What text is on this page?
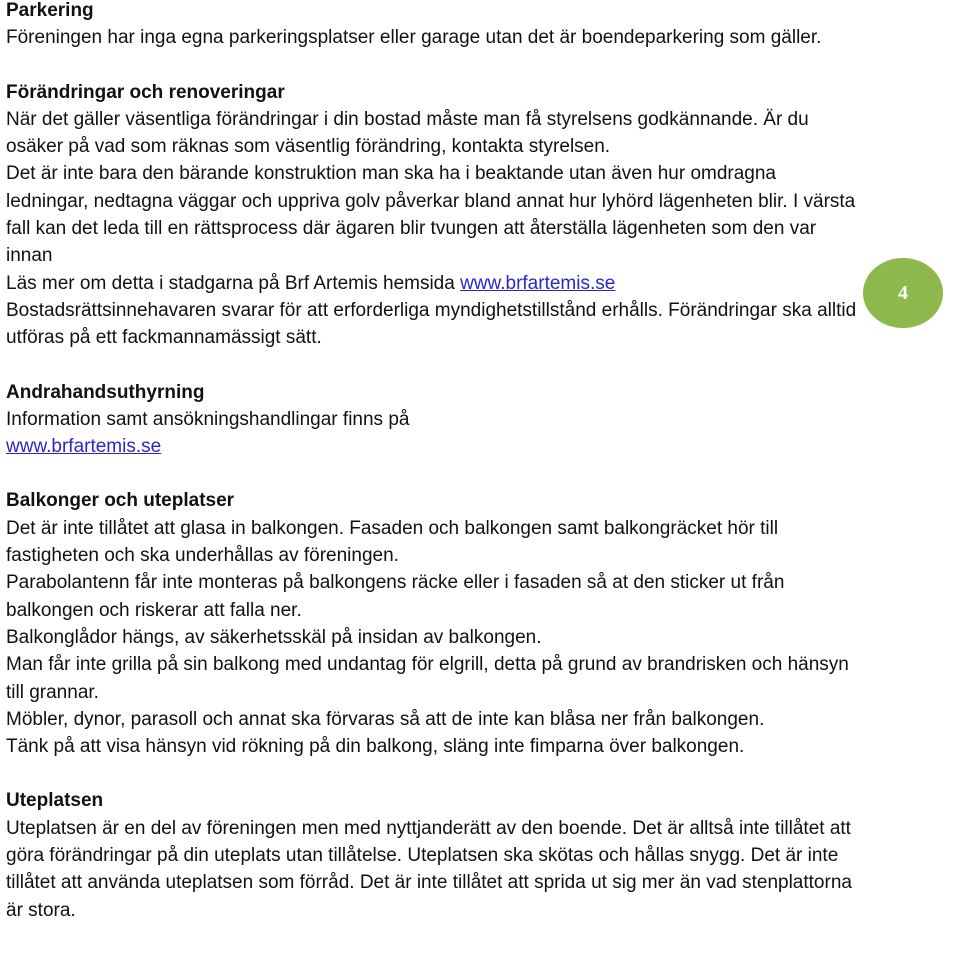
Parkering

Föreningen har inga egna parkeringsplatser eller garage utan det är boendeparkering som gäller.

Förändringar och renoveringar

När det gäller väsentliga förändringar i din bostad måste man få styrelsens godkännande. Är du osäker på vad som räknas som väsentlig förändring, kontakta styrelsen.

Det är inte bara den bärande konstruktion man ska ha i beaktande utan även hur omdragna ledningar, nedtagna väggar och uppriva golv påverkar bland annat hur lyhörd lägenheten blir. I värsta fall kan det leda till en rättsprocess där ägaren blir tvungen att återställa lägenheten som den var innan

Läs mer om detta i stadgarna på Brf Artemis hemsida www.brfartemis.se

Bostadsrättsinnehavaren svarar för att erforderliga myndighetstillstånd erhålls. Förändringar ska alltid utföras på ett fackmannamässigt sätt.

Andrahandsuthyrning

Information samt ansökningshandlingar finns på

www.brfartemis.se

Balkonger och uteplatser

Det är inte tillåtet att glasa in balkongen. Fasaden och balkongen samt balkongräcket hör till fastigheten och ska underhållas av föreningen.

Parabolantenn får inte monteras på balkongens räcke eller i fasaden så at den sticker ut från balkongen och riskerar att falla ner.

Balkonglådor hängs, av säkerhetsskäl på insidan av balkongen.

Man får inte grilla på sin balkong med undantag för elgrill, detta på grund av brandrisken och hänsyn till grannar.

Möbler, dynor, parasoll och annat ska förvaras så att de inte kan blåsa ner från balkongen.

Tänk på att visa hänsyn vid rökning på din balkong, släng inte fimparna över balkongen.

Uteplatsen

Uteplatsen är en del av föreningen men med nyttjanderätt av den boende. Det är alltså inte tillåtet att göra förändringar på din uteplats utan tillåtelse. Uteplatsen ska skötas och hållas snygg. Det är inte tillåtet att använda uteplatsen som förråd. Det är inte tillåtet att sprida ut sig mer än vad stenplattorna är stora.

4
